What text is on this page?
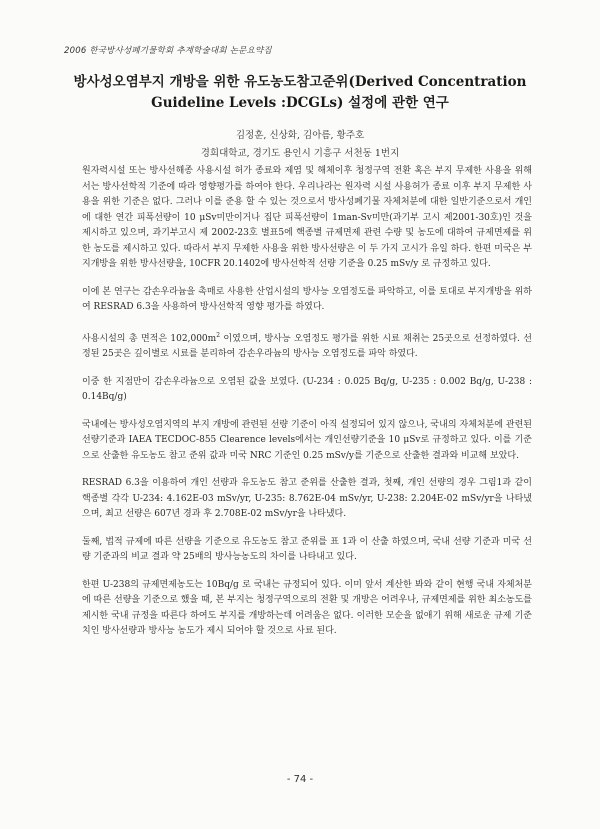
2006 한국방사성폐기물학회 추계학술대회 논문요약집
방사성오염부지 개방을 위한 유도농도참고준위(Derived Concentration
Guideline Levels :DCGLs) 설정에 관한 연구
김정훈, 신상화, 김아름, 황주호
경희대학교, 경기도 용인시 기흥구 서천동 1번지

원자력시설 또는 방사선해종 사용시설 허가 종료와 제염 및 해체이후 청정구역 전환 혹은 부지 무제한 사용을 위해서는 방사선학적 기준에 따라 영향평가를 하여야 한다. 우리나라는 원자력 시설 사용허가 종료 이후 부지 무제한 사용을 위한 기준은 없다. 그러나 이를 준용 할 수 있는 것으로서 방사성폐기물 자체처분에 대한 일반기준으로서 개인에 대한 연간 피폭선량이 10 μSv미만이거나 집단 피폭선량이 1man-Sv미만(과기부 고시 제2001-30호)인 것을 제시하고 있으며, 과기부고시 제 2002-23호 별표5에 핵종별 규제면제 관련 수량 및 농도에 대하여 규제면제를 위한 농도를 제시하고 있다. 따라서 부지 무제한 사용을 위한 방사선량은 이 두 가지 고시가 유일 하다. 한편 미국은 부지개방을 위한 방사선량을, 10CFR 20.1402에 방사선학적 선량 기준을 0.25 mSv/y 로 규정하고 있다.

이에 본 연구는 감손우라늄을 촉매로 사용한 산업시설의 방사능 오염정도를 파악하고, 이를 토대로 부지개방을 위하여 RESRAD 6.3을 사용하여 방사선학적 영향 평가를 하였다.

사용시설의 총 면적은 $102,000m^2$ 이였으며, 방사능 오염정도 평가를 위한 시료 채취는 25곳으로 선정하였다. 선정된 25곳은 깊이별로 시료를 분리하여 감손우라늄의 방사능 오염정도를 파악 하였다.

이중 한 지점만이 감손우라늄으로 오염된 값을 보였다. (U-234 : 0.025 Bq/g, U-235 : 0.002 Bq/g, U-238 : 0.14Bq/g)

국내에는 방사성오염지역의 부지 개방에 관련된 선량 기준이 아직 설정되어 있지 않으나, 국내의 자체처분에 관련된 선량기준과 IAEA TECDOC-855 Clearence levels에서는 개인선량기준을 10 μSv로 규정하고 있다. 이를 기준으로 산출한 유도농도 참고 준위 값과 미국 NRC 기준인 0.25 mSv/y를 기준으로 산출한 결과와 비교해 보았다.

RESRAD 6.3을 이용하여 개인 선량과 유도농도 참고 준위를 산출한 결과, 첫째, 개인 선량의 경우 그림1과 같이 핵종별 각각 U-234: 4.162E-03 mSv/yr, U-235: 8.762E-04 mSv/yr, U-238: 2.204E-02 mSv/yr을 나타냈으며, 최고 선량은 607년 경과 후 2.708E-02 mSv/yr을 나타냈다.

둘째, 법적 규제에 따른 선량을 기준으로 유도농도 참고 준위를 표 1과 이 산출 하였으며, 국내 선량 기준과 미국 선량 기준과의 비교 결과 약 25배의 방사능농도의 차이를 나타내고 있다.

한편 U-238의 규제면제농도는 10Bq/g 로 국내는 규정되어 있다. 이미 앞서 계산한 봐와 같이 현행 국내 자체처분에 따른 선량을 기준으로 했을 때, 본 부지는 청정구역으로의 전환 및 개방은 어려우나, 규제면제를 위한 최소농도를 제시한 국내 규정을 따른다 하여도 부지를 개방하는데 어려움은 없다. 이러한 모순을 없애기 위해 새로운 규제 기준치인 방사선량과 방사능 농도가 제시 되어야 할 것으로 사료 된다.

- 74 -
